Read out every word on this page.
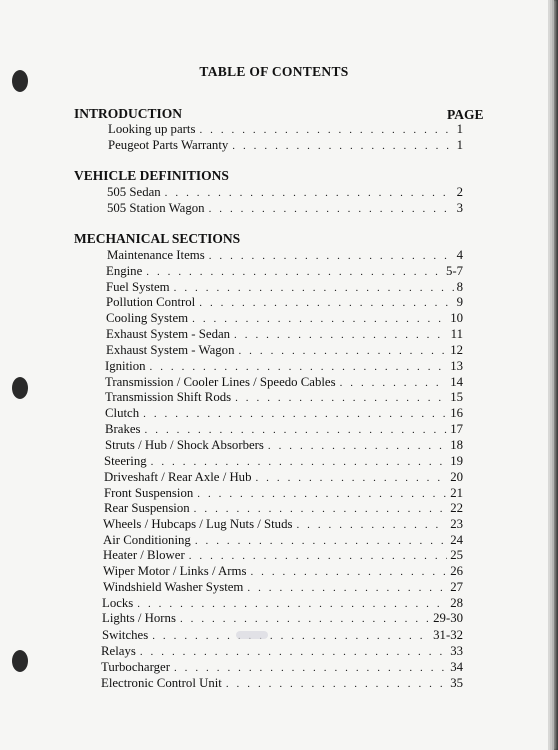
TABLE OF CONTENTS
INTRODUCTION	PAGE
Looking up parts . . .	1
Peugeot Parts Warranty . . .	1
VEHICLE DEFINITIONS
505 Sedan . . .	2
505 Station Wagon . . .	3
MECHANICAL SECTIONS
Maintenance Items . . .	4
Engine . . .	5-7
Fuel System . . .	8
Pollution Control . . .	9
Cooling System . . .	10
Exhaust System - Sedan . . .	11
Exhaust System - Wagon . . .	12
Ignition . . .	13
Transmission / Cooler Lines / Speedo Cables . . .	14
Transmission Shift Rods . . .	15
Clutch . . .	16
Brakes . . .	17
Struts / Hub / Shock Absorbers . . .	18
Steering . . .	19
Driveshaft / Rear Axle / Hub . . .	20
Front Suspension . . .	21
Rear Suspension . . .	22
Wheels / Hubcaps / Lug Nuts / Studs . . .	23
Air Conditioning . . .	24
Heater / Blower . . .	25
Wiper Motor / Links / Arms . . .	26
Windshield Washer System . . .	27
Locks . . .	28
Lights / Horns . . .	29-30
Switches . . .	31-32
Relays . . .	33
Turbocharger . . .	34
Electronic Control Unit . . .	35
